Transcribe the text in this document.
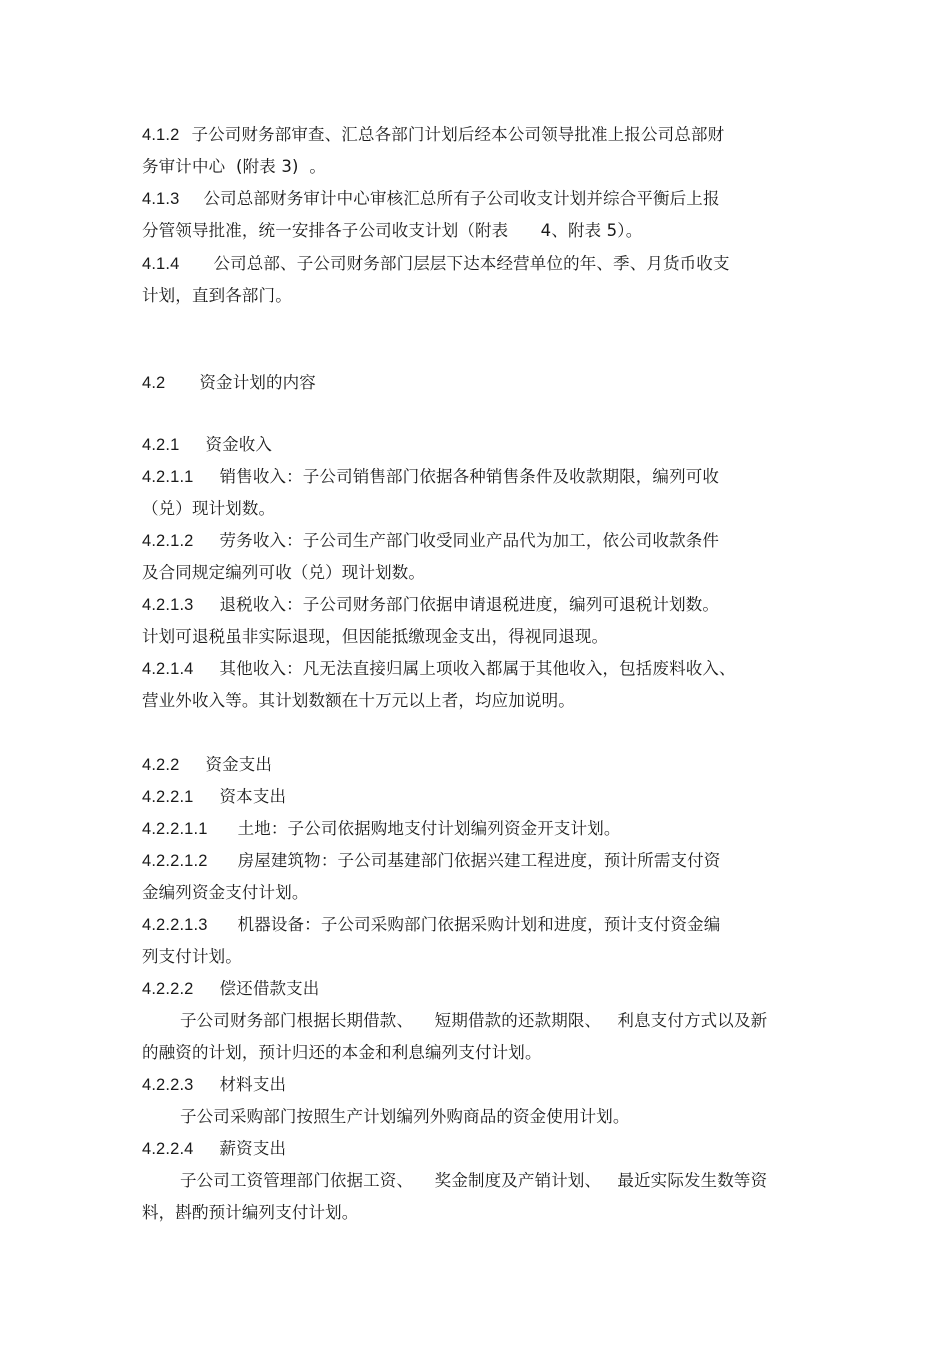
4.1.2 子公司财务部审查、汇总各部门计划后经本公司领导批准上报公司总部财
务审计中心  (附表 3)  。
4.1.3 公司总部财务审计中心审核汇总所有子公司收支计划并综合平衡后上报
分管领导批准，统一安排各子公司收支计划（附表      4、附表 5）。
4.1.4 公司总部、子公司财务部门层层下达本经营单位的年、季、月货币收支
计划，直到各部门。
4.2 资金计划的内容
4.2.1 资金收入
4.2.1.1 销售收入：子公司销售部门依据各种销售条件及收款期限，编列可收
（兑）现计划数。
4.2.1.2 劳务收入：子公司生产部门收受同业产品代为加工，依公司收款条件
及合同规定编列可收（兑）现计划数。
4.2.1.3 退税收入：子公司财务部门依据申请退税进度，编列可退税计划数。
计划可退税虽非实际退现，但因能抵缴现金支出，得视同退现。
4.2.1.4 其他收入：凡无法直接归属上项收入都属于其他收入，包括废料收入、
营业外收入等。其计划数额在十万元以上者，均应加说明。
4.2.2 资金支出
4.2.2.1 资本支出
4.2.2.1.1 土地：子公司依据购地支付计划编列资金开支计划。
4.2.2.1.2 房屋建筑物：子公司基建部门依据兴建工程进度，预计所需支付资
金编列资金支付计划。
4.2.2.1.3 机器设备：子公司采购部门依据采购计划和进度，预计支付资金编
列支付计划。
4.2.2.2 偿还借款支出
子公司财务部门根据长期借款、    短期借款的还款期限、   利息支付方式以及新
的融资的计划，预计归还的本金和利息编列支付计划。
4.2.2.3 材料支出
子公司采购部门按照生产计划编列外购商品的资金使用计划。
4.2.2.4 薪资支出
子公司工资管理部门依据工资、    奖金制度及产销计划、   最近实际发生数等资
料，斟酌预计编列支付计划。
